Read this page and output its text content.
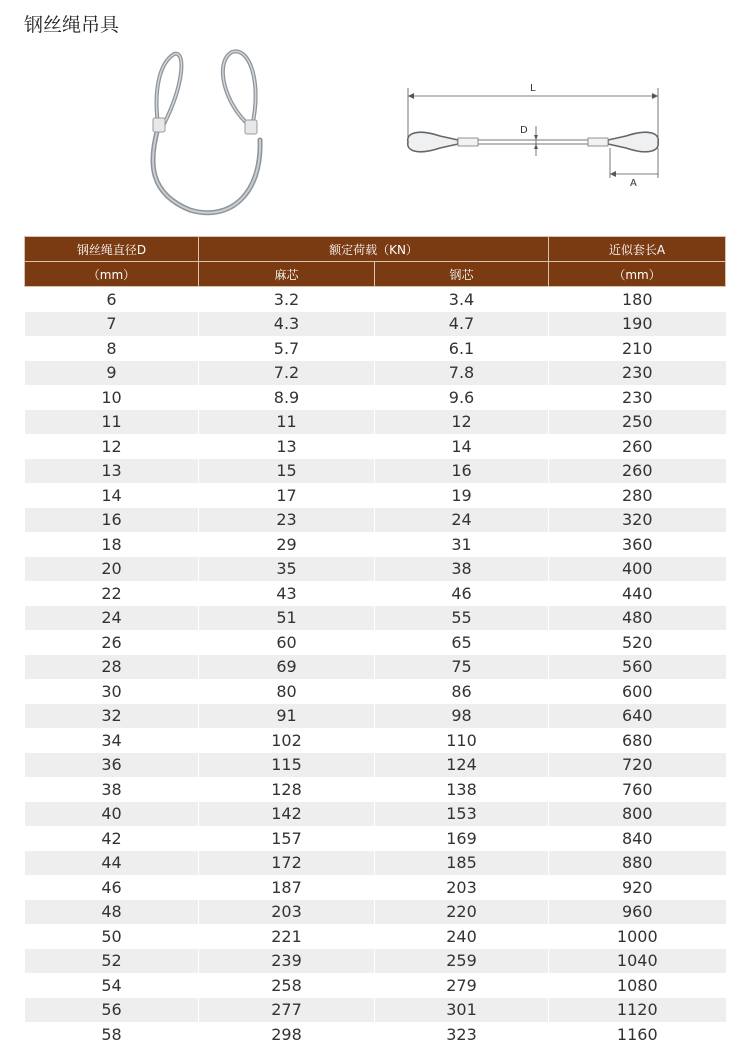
钢丝绳吊具
L
D
A
钢丝绳直径D	额定荷载（KN）		近似套长A
（mm）	麻芯	钢芯	（mm）
6	3.2	3.4	180
7	4.3	4.7	190
8	5.7	6.1	210
9	7.2	7.8	230
10	8.9	9.6	230
11	11	12	250
12	13	14	260
13	15	16	260
14	17	19	280
16	23	24	320
18	29	31	360
20	35	38	400
22	43	46	440
24	51	55	480
26	60	65	520
28	69	75	560
30	80	86	600
32	91	98	640
34	102	110	680
36	115	124	720
38	128	138	760
40	142	153	800
42	157	169	840
44	172	185	880
46	187	203	920
48	203	220	960
50	221	240	1000
52	239	259	1040
54	258	279	1080
56	277	301	1120
58	298	323	1160
